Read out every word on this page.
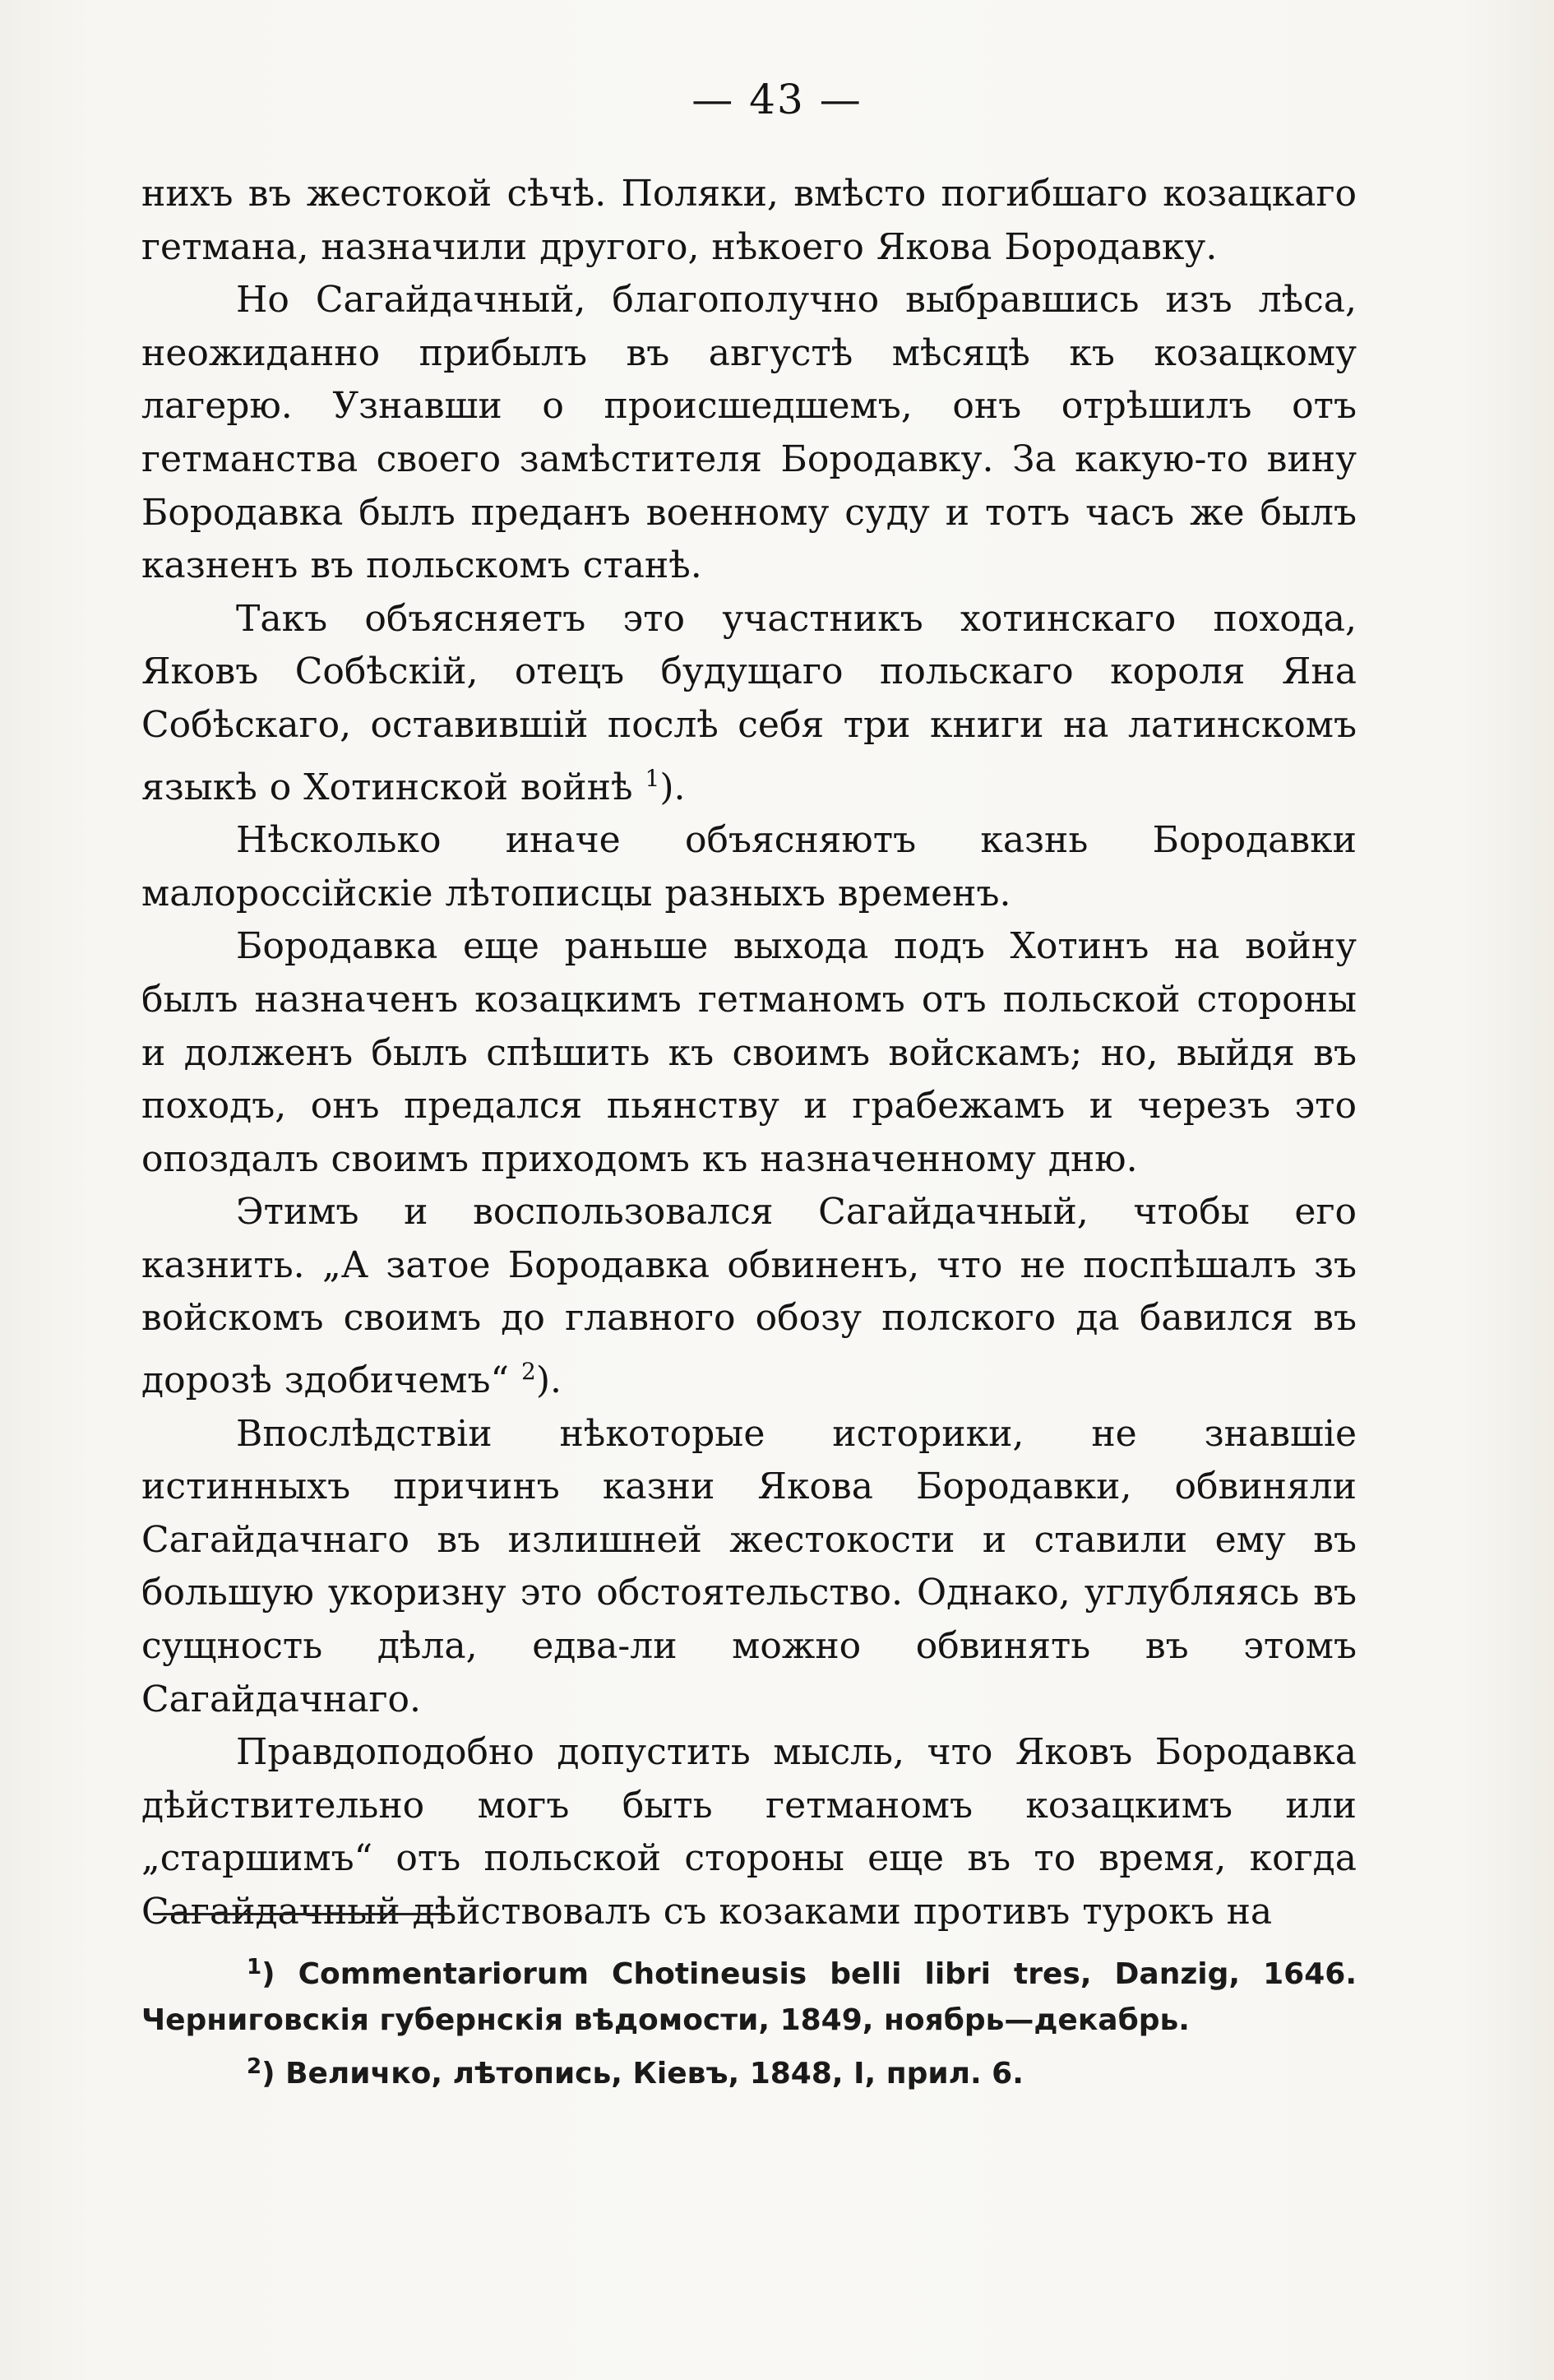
— 43 —

нихъ въ жестокой сѣчѣ. Поляки, вмѣсто погибшаго козацкаго гетмана, назначили другого, нѣкоего Якова Бородавку.

Но Сагайдачный, благополучно выбравшись изъ лѣса, неожиданно прибылъ въ августѣ мѣсяцѣ къ козацкому лагерю. Узнавши о происшедшемъ, онъ отрѣшилъ отъ гетманства своего замѣстителя Бородавку. За какую-то вину Бородавка былъ преданъ военному суду и тотъ часъ же былъ казненъ въ польскомъ станѣ.

Такъ объясняетъ это участникъ хотинскаго похода, Яковъ Собѣскій, отецъ будущаго польскаго короля Яна Собѣскаго, оставившій послѣ себя три книги на латинскомъ языкѣ о Хотинской войнѣ $^1$).

Нѣсколько иначе объясняютъ казнь Бородавки малороссійскіе лѣтописцы разныхъ временъ.

Бородавка еще раньше выхода подъ Хотинъ на войну былъ назначенъ козацкимъ гетманомъ отъ польской стороны и долженъ былъ спѣшить къ своимъ войскамъ; но, выйдя въ походъ, онъ предался пьянству и грабежамъ и черезъ это опоздалъ своимъ приходомъ къ назначенному дню.

Этимъ и воспользовался Сагайдачный, чтобы его казнить. „А затое Бородавка обвиненъ, что не поспѣшалъ зъ войскомъ своимъ до главного обозу полского да бавился въ дорозѣ здобичемъ“ $^2$).

Впослѣдствіи нѣкоторые историки, не знавшіе истинныхъ причинъ казни Якова Бородавки, обвиняли Сагайдачнаго въ излишней жестокости и ставили ему въ большую укоризну это обстоятельство. Однако, углубляясь въ сущность дѣла, едва-ли можно обвинять въ этомъ Сагайдачнаго.

Правдоподобно допустить мысль, что Яковъ Бородавка дѣйствительно могъ быть гетманомъ козацкимъ или „старшимъ“ отъ польской стороны еще въ то время, когда Сагайдачный дѣйствовалъ съ козаками противъ турокъ на

$^1$) Commentariorum Chotineusis belli libri tres, Danzig, 1646. Черниговскія губернскія вѣдомости, 1849, ноябрь—декабрь.

$^2$) Величко, лѣтопись, Кіевъ, 1848, I, прил. 6.
